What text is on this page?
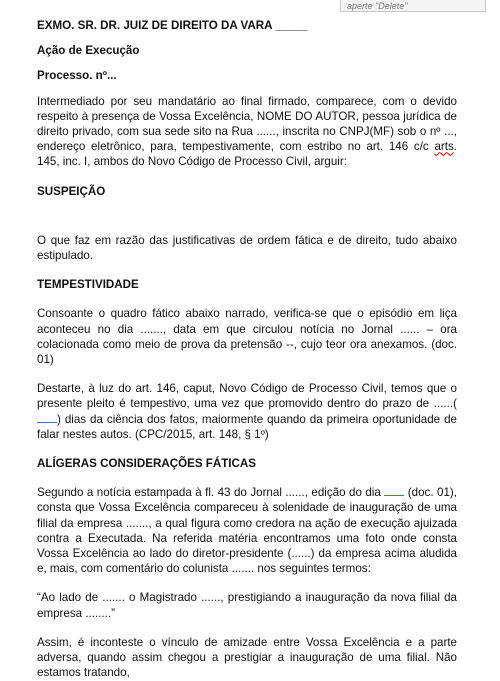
aperte "Delete"

EXMO. SR. DR. JUIZ DE DIREITO DA VARA _____

Ação de Execução

Processo. nº...

Intermediado por seu mandatário ao final firmado, comparece, com o devido respeito à presença de Vossa Excelência, NOME DO AUTOR, pessoa jurídica de direito privado, com sua sede sito na Rua ......, inscrita no CNPJ(MF) sob o nº ..., endereço eletrônico, para, tempestivamente, com estribo no art. 146 c/c arts. 145, inc. I, ambos do Novo Código de Processo Civil, arguir:

SUSPEIÇÃO

O que faz em razão das justificativas de ordem fática e de direito, tudo abaixo estipulado.

TEMPESTIVIDADE

Consoante o quadro fático abaixo narrado, verifica-se que o episódio em liça aconteceu no dia ......., data em que circulou notícia no Jornal ...... – ora colacionada como meio de prova da pretensão --, cujo teor ora anexamos. (doc. 01)

Destarte, à luz do art. 146, caput, Novo Código de Processo Civil, temos que o presente pleito é tempestivo, uma vez que promovido dentro do prazo de ......() dias da ciência dos fatos, maiormente quando da primeira oportunidade de falar nestes autos. (CPC/2015, art. 148, § 1º)

ALÍGERAS CONSIDERAÇÕES FÁTICAS

Segundo a notícia estampada à fl. 43 do Jornal ......, edição do dia (doc. 01), consta que Vossa Excelência compareceu à solenidade de inauguração de uma filial da empresa ......., a qual figura como credora na ação de execução ajuizada contra a Executada. Na referida matéria encontramos uma foto onde consta Vossa Excelência ao lado do diretor-presidente (......) da empresa acima aludida e, mais, com comentário do colunista ....... nos seguintes termos:

“Ao lado de ....... o Magistrado ......, prestigiando a inauguração da nova filial da empresa ........”

Assim, é inconteste o vínculo de amizade entre Vossa Excelência e a parte adversa, quando assim chegou a prestigiar a inauguração de uma filial. Não estamos tratando,
